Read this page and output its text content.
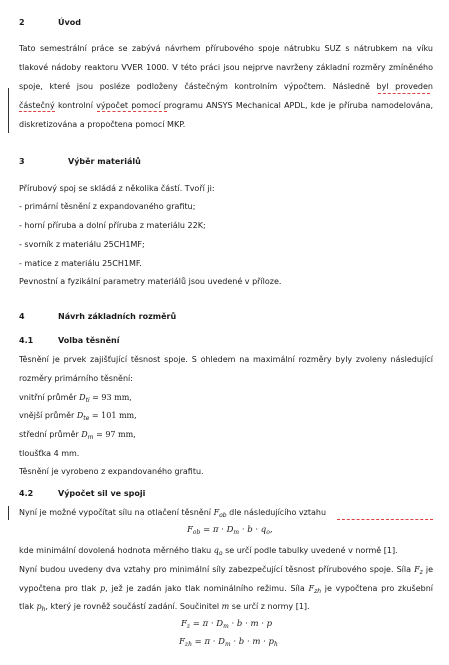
2	Úvod
Tato semestrální práce se zabývá návrhem přírubového spoje nátrubku SUZ s nátrubkem na víku
tlakové nádoby reaktoru VVER 1000. V této práci jsou nejprve navrženy základní rozměry zmíněného
spoje, které jsou posléze podloženy částečným kontrolním výpočtem. Následně byl proveden
částečný kontrolní výpočet pomocí programu ANSYS Mechanical APDL, kde je příruba namodelována,
diskretizována a propočtena pomocí MKP.
3	Výběr materiálů
Přírubový spoj se skládá z několika částí. Tvoří ji:
- primární těsnění z expandovaného grafitu;
- horní příruba a dolní příruba z materiálu 22K;
- svorník z materiálu 25CH1MF;
- matice z materiálu 25CH1MF.
Pevnostní a fyzikální parametry materiálů jsou uvedené v příloze.
4	Návrh základních rozměrů
4.1	Volba těsnění
Těsnění je prvek zajišťující těsnost spoje. S ohledem na maximální rozměry byly zvoleny následující
rozměry primárního těsnění:
vnitřní průměr $D_{ti} = 93$ mm,
vnější průměr $D_{te} = 101$ mm,
střední průměr $D_m = 97$ mm,
tloušťka 4 mm.
Těsnění je vyrobeno z expandovaného grafitu.
4.2	Výpočet sil ve spoji
Nyní je možné vypočítat sílu na otlačení těsnění $F_{ob}$ dle následujícího vztahu
$F_{ob} = \pi \cdot D_m \cdot b \cdot q_o$,
kde minimální dovolená hodnota měrného tlaku $q_o$ se určí podle tabulky uvedené v normě [1].
Nyní budou uvedeny dva vztahy pro minimální síly zabezpečující těsnost přírubového spoje. Síla $F_z$ je
vypočtena pro tlak p, jež je zadán jako tlak nominálního režimu. Síla $F_{zh}$ je vypočtena pro zkušební
tlak $p_h$, který je rovněž součástí zadání. Součinitel m se určí z normy [1].
$F_z = \pi \cdot D_m \cdot b \cdot m \cdot p$
$F_{zh} = \pi \cdot D_m \cdot b \cdot m \cdot p_h$
